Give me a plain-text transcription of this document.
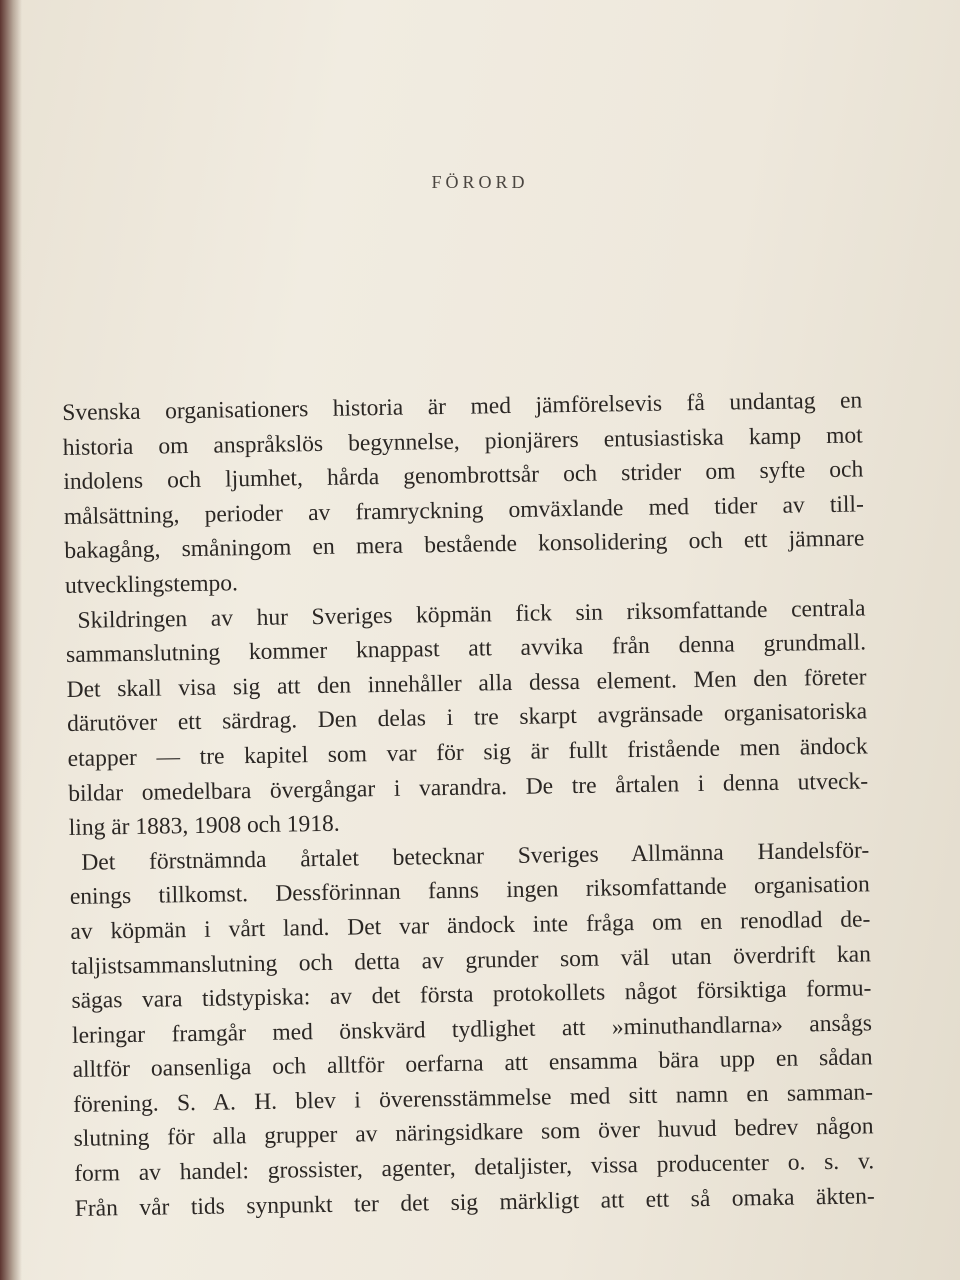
FÖRORD
Svenska organisationers historia är med jämförelsevis få undantag en
historia om anspråkslös begynnelse, pionjärers entusiastiska kamp mot
indolens och ljumhet, hårda genombrottsår och strider om syfte och
målsättning, perioder av framryckning omväxlande med tider av till-
bakagång, småningom en mera bestående konsolidering och ett jämnare
utvecklingstempo.
Skildringen av hur Sveriges köpmän fick sin riksomfattande centrala
sammanslutning kommer knappast att avvika från denna grundmall.
Det skall visa sig att den innehåller alla dessa element. Men den företer
därutöver ett särdrag. Den delas i tre skarpt avgränsade organisatoriska
etapper — tre kapitel som var för sig är fullt fristående men ändock
bildar omedelbara övergångar i varandra. De tre årtalen i denna utveck-
ling är 1883, 1908 och 1918.
Det förstnämnda årtalet betecknar Sveriges Allmänna Handelsför-
enings tillkomst. Dessförinnan fanns ingen riksomfattande organisation
av köpmän i vårt land. Det var ändock inte fråga om en renodlad de-
taljistsammanslutning och detta av grunder som väl utan överdrift kan
sägas vara tidstypiska: av det första protokollets något försiktiga formu-
leringar framgår med önskvärd tydlighet att »minuthandlarna» ansågs
alltför oansenliga och alltför oerfarna att ensamma bära upp en sådan
förening. S. A. H. blev i överensstämmelse med sitt namn en samman-
slutning för alla grupper av näringsidkare som över huvud bedrev någon
form av handel: grossister, agenter, detaljister, vissa producenter o. s. v.
Från vår tids synpunkt ter det sig märkligt att ett så omaka äkten-
